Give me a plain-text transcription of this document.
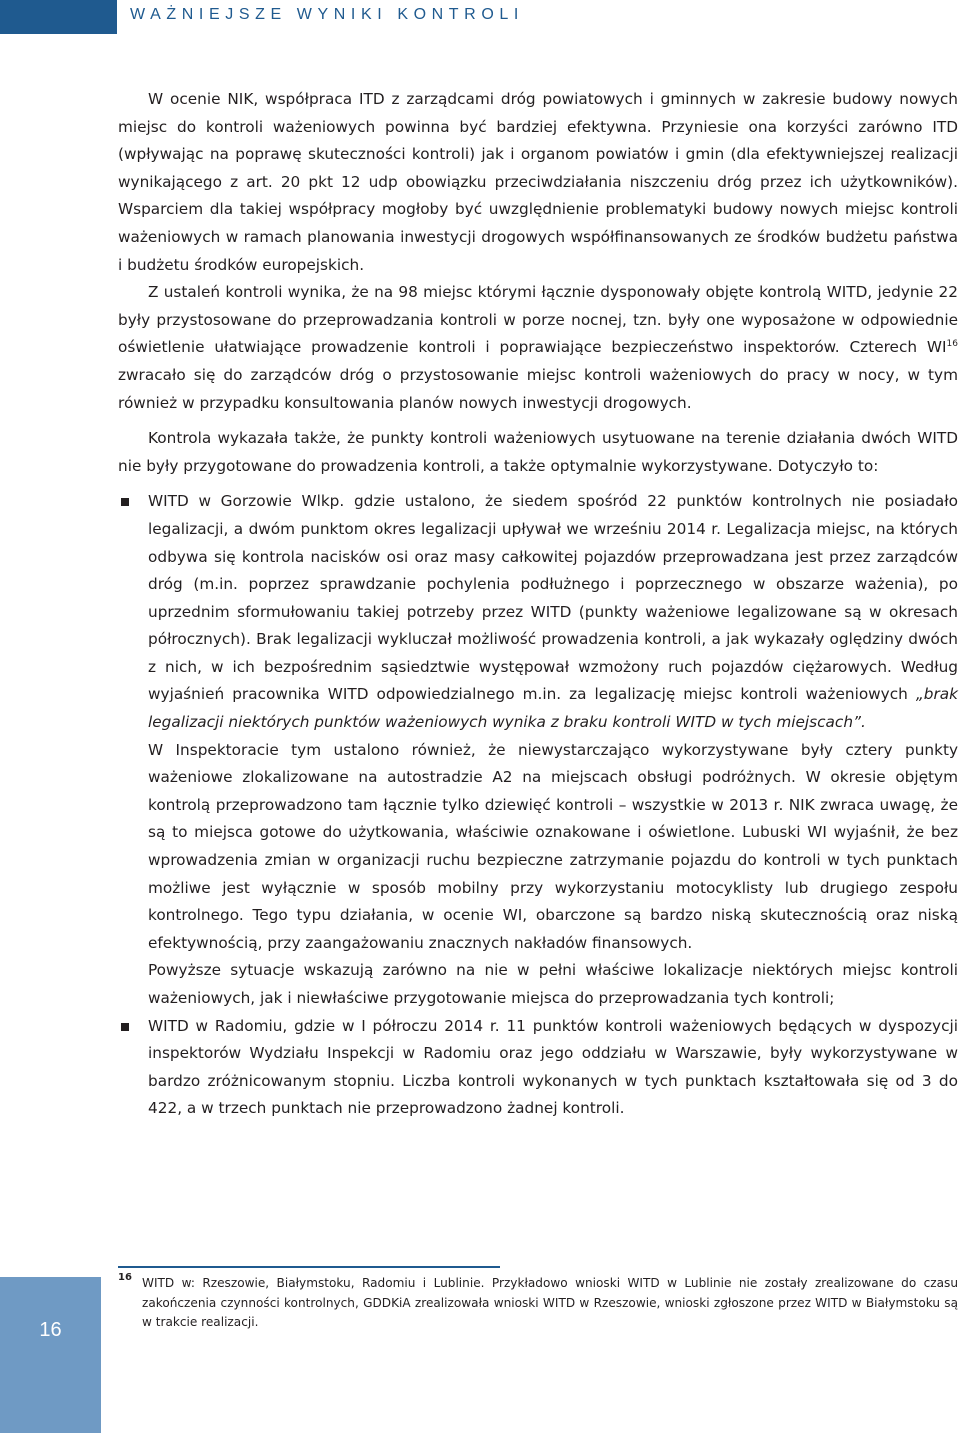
WAŻNIEJSZE WYNIKI KONTROLI

W ocenie NIK, współpraca ITD z zarządcami dróg powiatowych i gminnych w zakresie budowy nowych miejsc do kontroli ważeniowych powinna być bardziej efektywna. Przyniesie ona korzyści zarówno ITD (wpływając na poprawę skuteczności kontroli) jak i organom powiatów i gmin (dla efektywniejszej realizacji wynikającego z art. 20 pkt 12 udp obowiązku przeciwdziałania niszczeniu dróg przez ich użytkowników). Wsparciem dla takiej współpracy mogłoby być uwzględnienie problematyki budowy nowych miejsc kontroli ważeniowych w ramach planowania inwestycji drogowych współfinansowanych ze środków budżetu państwa i budżetu środków europejskich.

Z ustaleń kontroli wynika, że na 98 miejsc którymi łącznie dysponowały objęte kontrolą WITD, jedynie 22 były przystosowane do przeprowadzania kontroli w porze nocnej, tzn. były one wyposażone w odpowiednie oświetlenie ułatwiające prowadzenie kontroli i poprawiające bezpieczeństwo inspektorów. Czterech WI$^{16}$ zwracało się do zarządców dróg o przystosowanie miejsc kontroli ważeniowych do pracy w nocy, w tym również w przypadku konsultowania planów nowych inwestycji drogowych.

Kontrola wykazała także, że punkty kontroli ważeniowych usytuowane na terenie działania dwóch WITD nie były przygotowane do prowadzenia kontroli, a także optymalnie wykorzystywane. Dotyczyło to:

WITD w Gorzowie Wlkp. gdzie ustalono, że siedem spośród 22 punktów kontrolnych nie posiadało legalizacji, a dwóm punktom okres legalizacji upływał we wrześniu 2014 r. Legalizacja miejsc, na których odbywa się kontrola nacisków osi oraz masy całkowitej pojazdów przeprowadzana jest przez zarządców dróg (m.in. poprzez sprawdzanie pochylenia podłużnego i poprzecznego w obszarze ważenia), po uprzednim sformułowaniu takiej potrzeby przez WITD (punkty ważeniowe legalizowane są w okresach półrocznych). Brak legalizacji wykluczał możliwość prowadzenia kontroli, a jak wykazały oględziny dwóch z nich, w ich bezpośrednim sąsiedztwie występował wzmożony ruch pojazdów ciężarowych. Według wyjaśnień pracownika WITD odpowiedzialnego m.in. za legalizację miejsc kontroli ważeniowych „brak legalizacji niektórych punktów ważeniowych wynika z braku kontroli WITD w tych miejscach”.

W Inspektoracie tym ustalono również, że niewystarczająco wykorzystywane były cztery punkty ważeniowe zlokalizowane na autostradzie A2 na miejscach obsługi podróżnych. W okresie objętym kontrolą przeprowadzono tam łącznie tylko dziewięć kontroli – wszystkie w 2013 r. NIK zwraca uwagę, że są to miejsca gotowe do użytkowania, właściwie oznakowane i oświetlone. Lubuski WI wyjaśnił, że bez wprowadzenia zmian w organizacji ruchu bezpieczne zatrzymanie pojazdu do kontroli w tych punktach możliwe jest wyłącznie w sposób mobilny przy wykorzystaniu motocyklisty lub drugiego zespołu kontrolnego. Tego typu działania, w ocenie WI, obarczone są bardzo niską skutecznością oraz niską efektywnością, przy zaangażowaniu znacznych nakładów finansowych.

Powyższe sytuacje wskazują zarówno na nie w pełni właściwe lokalizacje niektórych miejsc kontroli ważeniowych, jak i niewłaściwe przygotowanie miejsca do przeprowadzania tych kontroli;

WITD w Radomiu, gdzie w I półroczu 2014 r. 11 punktów kontroli ważeniowych będących w dyspozycji inspektorów Wydziału Inspekcji w Radomiu oraz jego oddziału w Warszawie, były wykorzystywane w bardzo zróżnicowanym stopniu. Liczba kontroli wykonanych w tych punktach kształtowała się od 3 do 422, a w trzech punktach nie przeprowadzono żadnej kontroli.

16 WITD w: Rzeszowie, Białymstoku, Radomiu i Lublinie. Przykładowo wnioski WITD w Lublinie nie zostały zrealizowane do czasu zakończenia czynności kontrolnych, GDDKiA zrealizowała wnioski WITD w Rzeszowie, wnioski zgłoszone przez WITD w Białymstoku są w trakcie realizacji.
16
